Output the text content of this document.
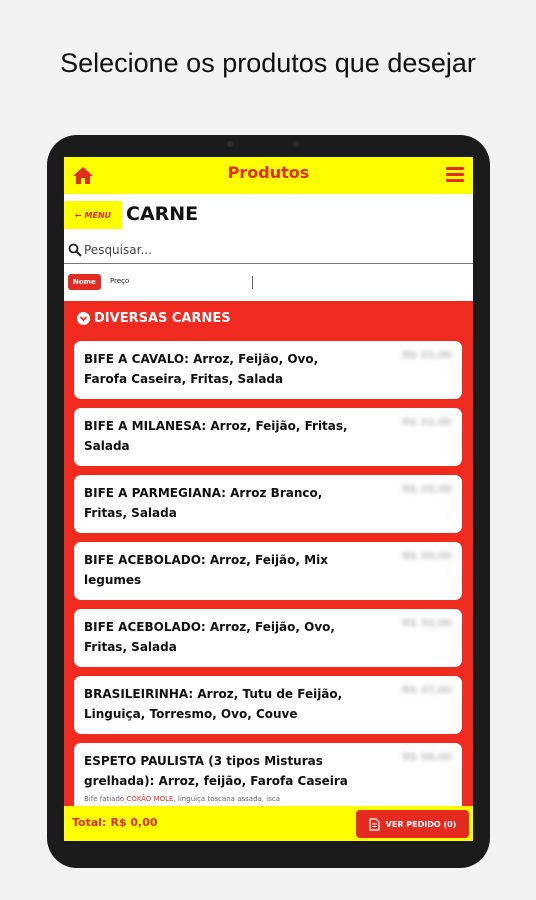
Selecione os produtos que desejar
Produtos
← MENU CARNE
Pesquisar...
Nome	Preço
DIVERSAS CARNES
BIFE A CAVALO: Arroz, Feijão, Ovo, Farofa Caseira, Fritas, Salada
R$ 32,00
BIFE A MILANESA: Arroz, Feijão, Fritas, Salada
R$ 32,00
BIFE A PARMEGIANA: Arroz Branco, Fritas, Salada
R$ 35,00
BIFE ACEBOLADO: Arroz, Feijão, Mix legumes
R$ 30,00
BIFE ACEBOLADO: Arroz, Feijão, Ovo, Fritas, Salada
R$ 32,00
BRASILEIRINHA: Arroz, Tutu de Feijão, Linguiça, Torresmo, Ovo, Couve
R$ 37,00
ESPETO PAULISTA (3 tipos Misturas grelhada): Arroz, feijão, Farofa Caseira
R$ 38,00
Bife fatiado COXÃO MOLE, linguiça toscana assada, isca
Total: R$ 0,00	VER PEDIDO (0)
